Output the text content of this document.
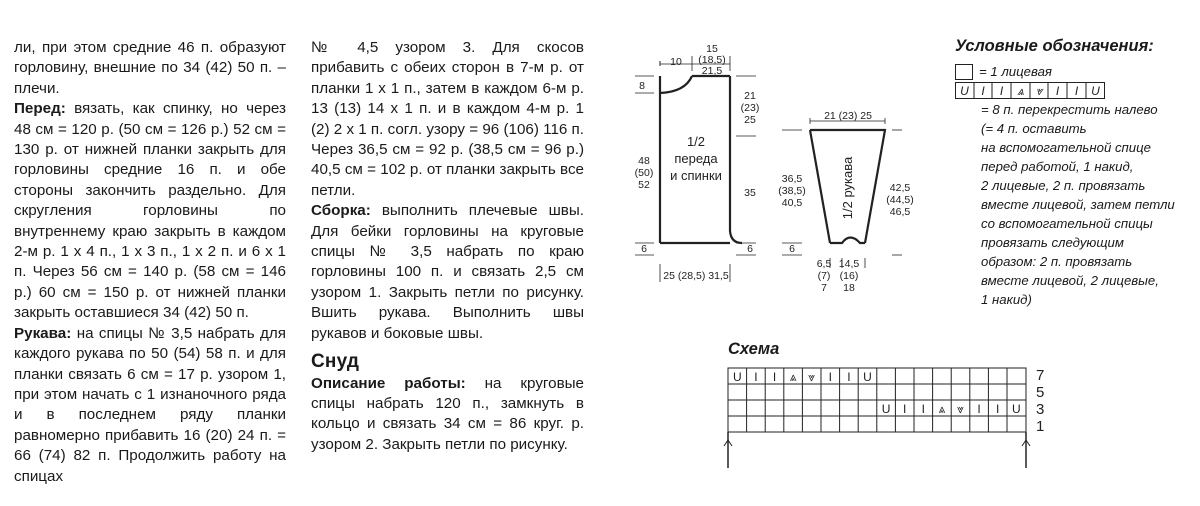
ли, при этом средние 46 п. образуют горловину, внешние по 34 (42) 50 п. – плечи.

Перед: вязать, как спинку, но через 48 см = 120 р. (50 см = 126 р.) 52 см = 130 р. от нижней планки закрыть для горловины средние 16 п. и обе стороны закончить раздельно. Для скругления горловины по внутреннему краю закрыть в каждом 2-м р. 1 х 4 п., 1 х 3 п., 1 х 2 п. и 6 х 1 п. Через 56 см = 140 р. (58 см = 146 р.) 60 см = 150 р. от нижней планки закрыть оставшиеся 34 (42) 50 п.

Рукава: на спицы № 3,5 набрать для каждого рукава по 50 (54) 58 п. и для планки связать 6 см = 17 р. узором 1, при этом начать с 1 изнаночного ряда и в последнем ряду планки равномерно прибавить 16 (20) 24 п. = 66 (74) 82 п. Продолжить работу на спицах

№ 4,5 узором 3. Для скосов прибавить с обеих сторон в 7-м р. от планки 1 х 1 п., затем в каждом 6-м р. 13 (13) 14 х 1 п. и в каждом 4-м р. 1 (2) 2 х 1 п. согл. узору = 96 (106) 116 п. Через 36,5 см = 92 р. (38,5 см = 96 р.) 40,5 см = 102 р. от планки закрыть все петли.

Сборка: выполнить плечевые швы. Для бейки горловины на круговые спицы № 3,5 набрать по краю горловины 100 п. и связать 2,5 см узором 1. Закрыть петли по рисунку. Вшить рукава. Выполнить швы рукавов и боковые швы.

Снуд

Описание работы: на круговые спицы набрать 120 п., замкнуть в кольцо и связать 34 см = 86 круг. р. узором 2. Закрыть петли по рисунку.

10
15
(18,5)
21,5
8
21
(23)
25
48
(50)
52
35
6	6
25 (28,5) 31,5
21 (23) 25
36,5
(38,5)
40,5
6
42,5
(44,5)
46,5
6,5
(7)
7
14,5
(16)
18
1/2
переда
и спинки	1/2 рукава
Условные обозначения:
= 1 лицевая
U I I ⩓ ⩔ I I U
= 8 п. перекрестить налево
(= 4 п. оставить
на вспомогательной спице
перед работой, 1 накид,
2 лицевые, 2 п. провязать
вместе лицевой, затем петли
со вспомогательной спицы
провязать следующим
образом: 2 п. провязать
вместе лицевой, 2 лицевые,
1 накид)
Схема
U I I ⩓ ⩔ I I U
U I I ⩓ ⩔ I I U
7
5
3
1
